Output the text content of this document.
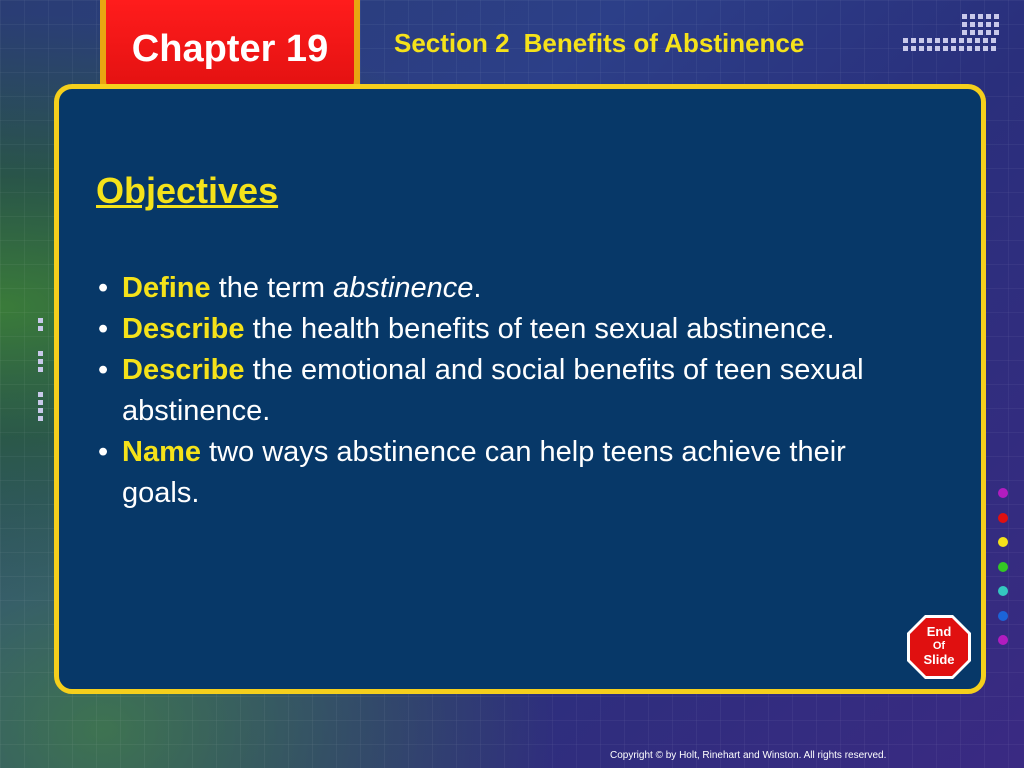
Chapter 19	Section 2 Benefits of Abstinence
Objectives
• Define the term abstinence.
• Describe the health benefits of teen sexual abstinence.
• Describe the emotional and social benefits of teen sexual abstinence.
• Name two ways abstinence can help teens achieve their goals.
End
Of
Slide
Copyright © by Holt, Rinehart and Winston. All rights reserved.
